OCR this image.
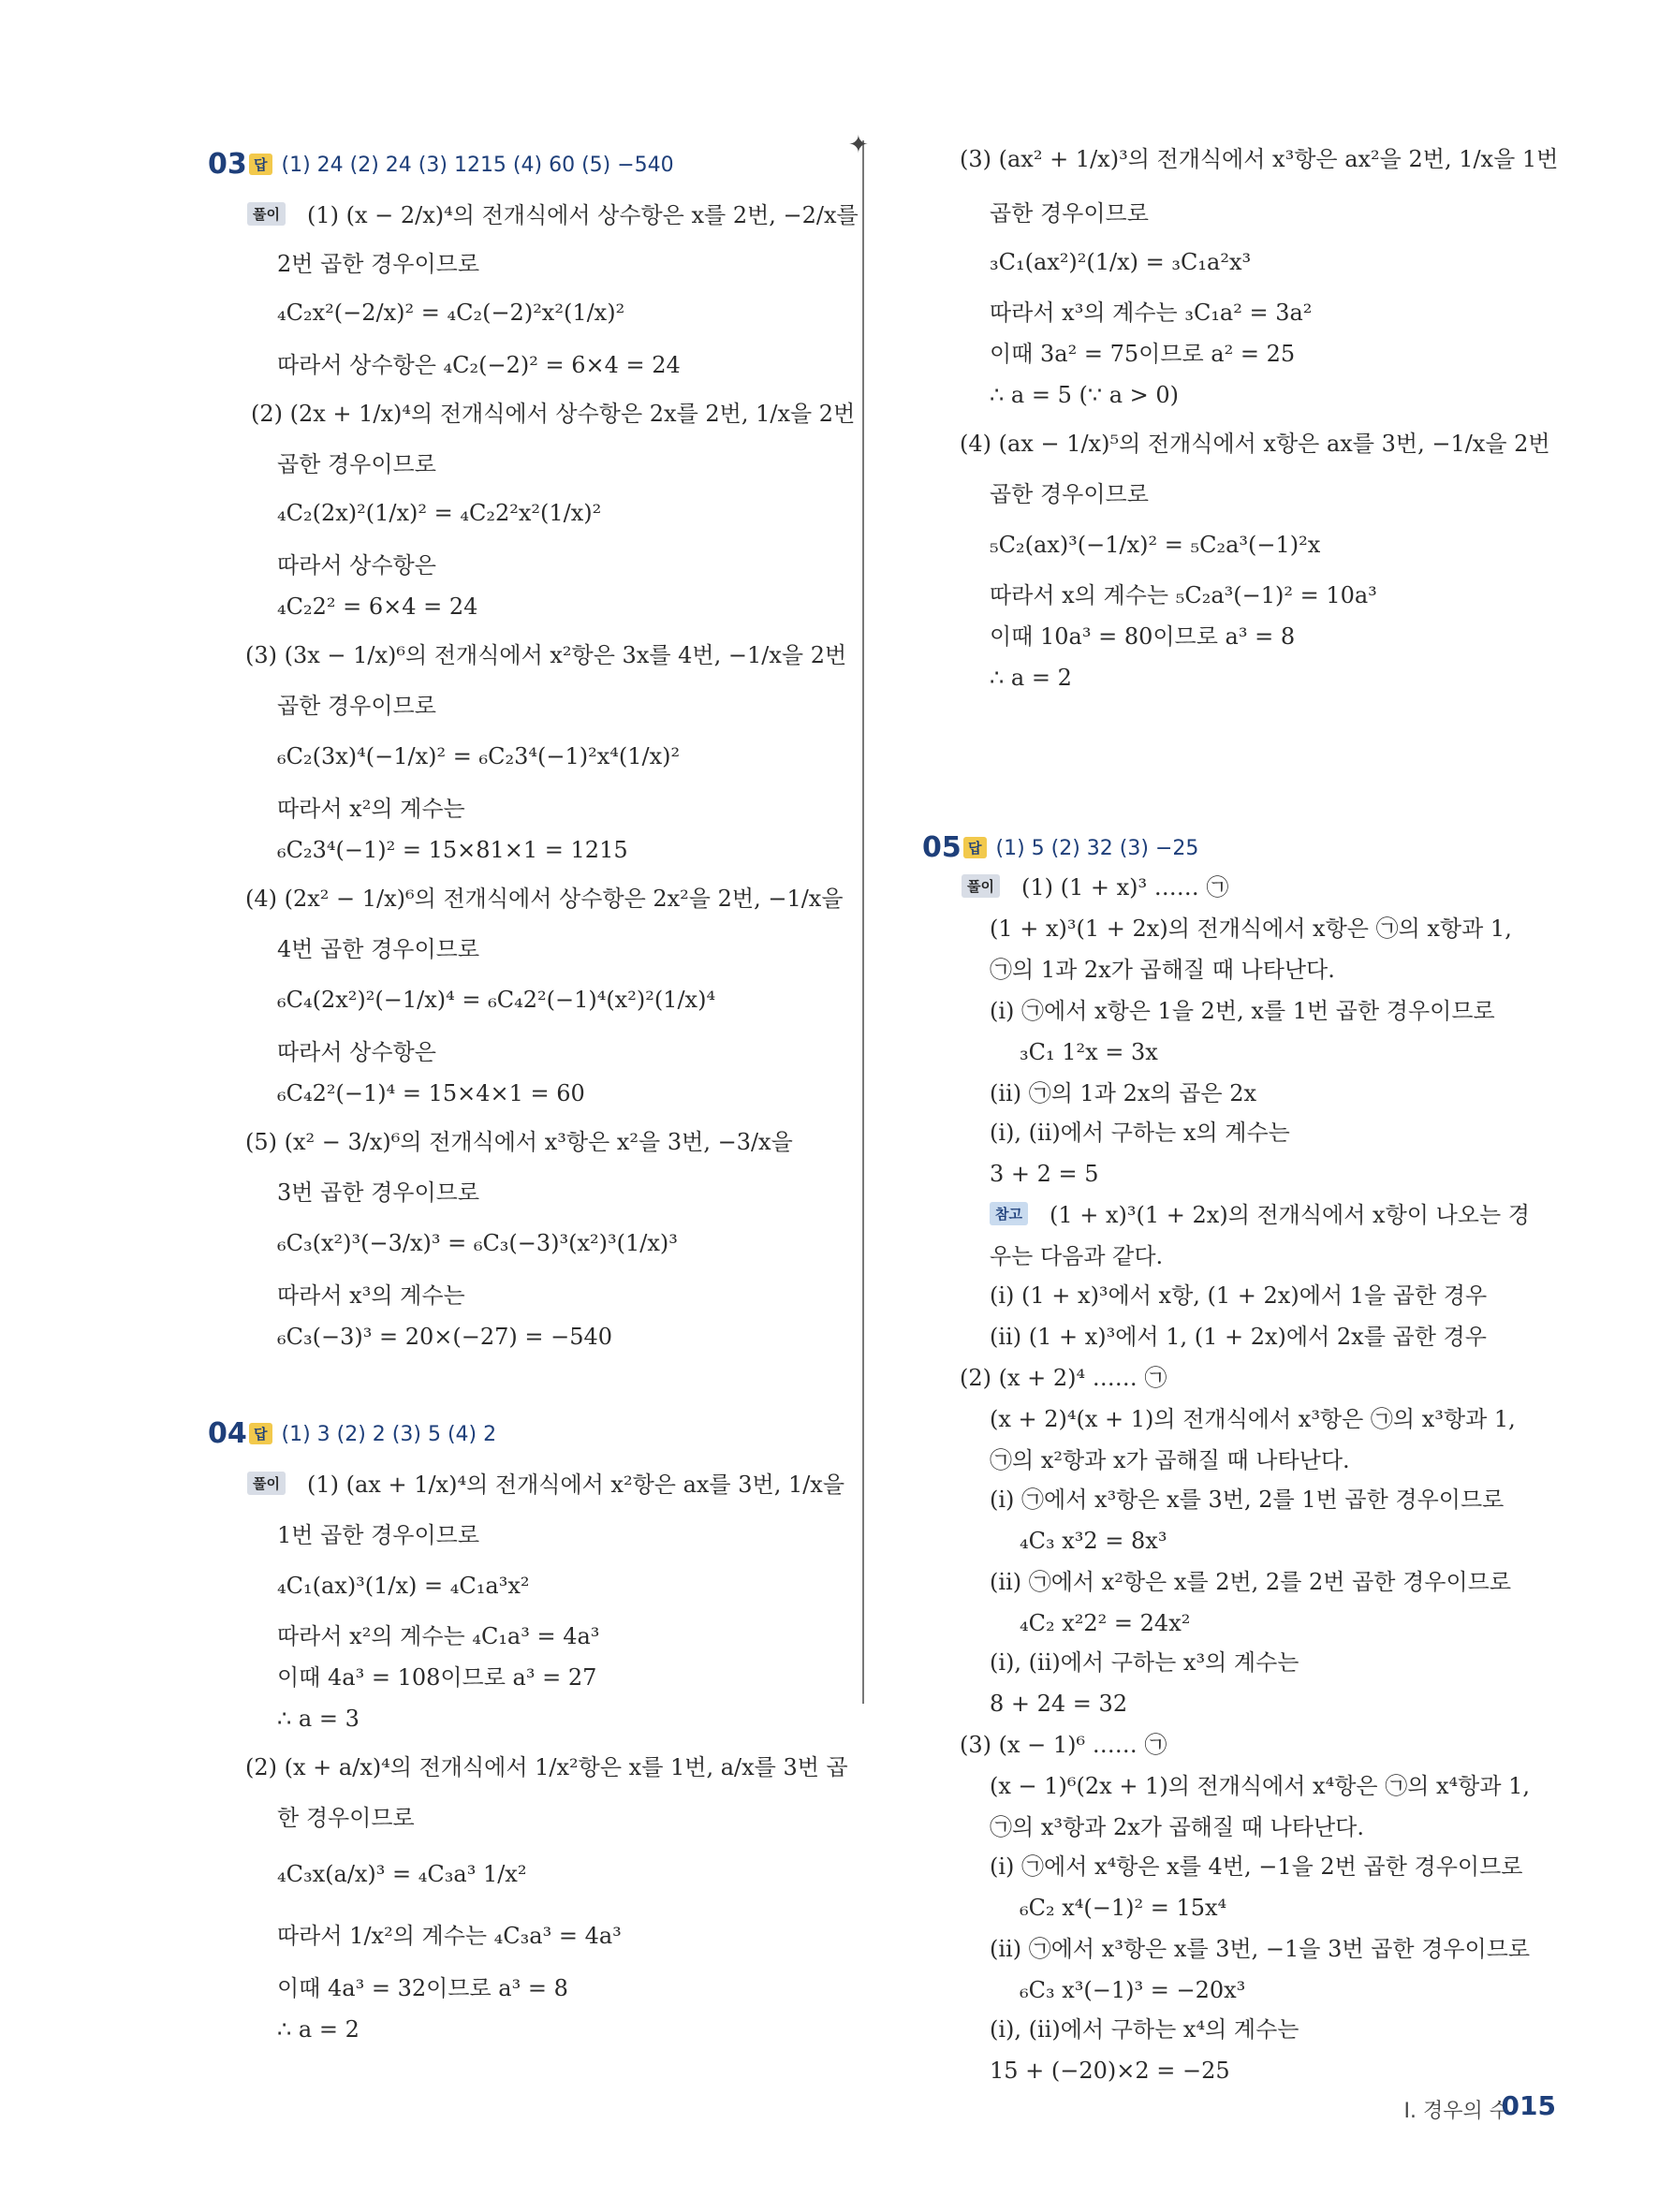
✦
03 답 (1) 24 (2) 24 (3) 1215 (4) 60 (5) −540
풀이 (1) (x − 2/x)⁴의 전개식에서 상수항은 x를 2번, −2/x를
2번 곱한 경우이므로
₄C₂x²(−2/x)² = ₄C₂(−2)²x²(1/x)²
따라서 상수항은 ₄C₂(−2)² = 6×4 = 24
(2) (2x + 1/x)⁴의 전개식에서 상수항은 2x를 2번, 1/x을 2번
곱한 경우이므로
₄C₂(2x)²(1/x)² = ₄C₂2²x²(1/x)²
따라서 상수항은
₄C₂2² = 6×4 = 24
(3) (3x − 1/x)⁶의 전개식에서 x²항은 3x를 4번, −1/x을 2번
곱한 경우이므로
₆C₂(3x)⁴(−1/x)² = ₆C₂3⁴(−1)²x⁴(1/x)²
따라서 x²의 계수는
₆C₂3⁴(−1)² = 15×81×1 = 1215
(4) (2x² − 1/x)⁶의 전개식에서 상수항은 2x²을 2번, −1/x을
4번 곱한 경우이므로
₆C₄(2x²)²(−1/x)⁴ = ₆C₄2²(−1)⁴(x²)²(1/x)⁴
따라서 상수항은
₆C₄2²(−1)⁴ = 15×4×1 = 60
(5) (x² − 3/x)⁶의 전개식에서 x³항은 x²을 3번, −3/x을
3번 곱한 경우이므로
₆C₃(x²)³(−3/x)³ = ₆C₃(−3)³(x²)³(1/x)³
따라서 x³의 계수는
₆C₃(−3)³ = 20×(−27) = −540
04 답 (1) 3 (2) 2 (3) 5 (4) 2
풀이 (1) (ax + 1/x)⁴의 전개식에서 x²항은 ax를 3번, 1/x을
1번 곱한 경우이므로
₄C₁(ax)³(1/x) = ₄C₁a³x²
따라서 x²의 계수는 ₄C₁a³ = 4a³
이때 4a³ = 108이므로 a³ = 27
∴ a = 3
(2) (x + a/x)⁴의 전개식에서 1/x²항은 x를 1번, a/x를 3번 곱
한 경우이므로
₄C₃x(a/x)³ = ₄C₃a³ 1/x²
따라서 1/x²의 계수는 ₄C₃a³ = 4a³
이때 4a³ = 32이므로 a³ = 8
∴ a = 2
(3) (ax² + 1/x)³의 전개식에서 x³항은 ax²을 2번, 1/x을 1번
곱한 경우이므로
₃C₁(ax²)²(1/x) = ₃C₁a²x³
따라서 x³의 계수는 ₃C₁a² = 3a²
이때 3a² = 75이므로 a² = 25
∴ a = 5 (∵ a > 0)
(4) (ax − 1/x)⁵의 전개식에서 x항은 ax를 3번, −1/x을 2번
곱한 경우이므로
₅C₂(ax)³(−1/x)² = ₅C₂a³(−1)²x
따라서 x의 계수는 ₅C₂a³(−1)² = 10a³
이때 10a³ = 80이므로 a³ = 8
∴ a = 2
05 답 (1) 5 (2) 32 (3) −25
풀이 (1) (1 + x)³ …… ㉠
(1 + x)³(1 + 2x)의 전개식에서 x항은 ㉠의 x항과 1,
㉠의 1과 2x가 곱해질 때 나타난다.
(ⅰ) ㉠에서 x항은 1을 2번, x를 1번 곱한 경우이므로
₃C₁ 1²x = 3x
(ⅱ) ㉠의 1과 2x의 곱은 2x
(ⅰ), (ⅱ)에서 구하는 x의 계수는
3 + 2 = 5
참고 (1 + x)³(1 + 2x)의 전개식에서 x항이 나오는 경
우는 다음과 같다.
(ⅰ) (1 + x)³에서 x항, (1 + 2x)에서 1을 곱한 경우
(ⅱ) (1 + x)³에서 1, (1 + 2x)에서 2x를 곱한 경우
(2) (x + 2)⁴ …… ㉠
(x + 2)⁴(x + 1)의 전개식에서 x³항은 ㉠의 x³항과 1,
㉠의 x²항과 x가 곱해질 때 나타난다.
(ⅰ) ㉠에서 x³항은 x를 3번, 2를 1번 곱한 경우이므로
₄C₃ x³2 = 8x³
(ⅱ) ㉠에서 x²항은 x를 2번, 2를 2번 곱한 경우이므로
₄C₂ x²2² = 24x²
(ⅰ), (ⅱ)에서 구하는 x³의 계수는
8 + 24 = 32
(3) (x − 1)⁶ …… ㉠
(x − 1)⁶(2x + 1)의 전개식에서 x⁴항은 ㉠의 x⁴항과 1,
㉠의 x³항과 2x가 곱해질 때 나타난다.
(ⅰ) ㉠에서 x⁴항은 x를 4번, −1을 2번 곱한 경우이므로
₆C₂ x⁴(−1)² = 15x⁴
(ⅱ) ㉠에서 x³항은 x를 3번, −1을 3번 곱한 경우이므로
₆C₃ x³(−1)³ = −20x³
(ⅰ), (ⅱ)에서 구하는 x⁴의 계수는
15 + (−20)×2 = −25
Ⅰ. 경우의 수
015
